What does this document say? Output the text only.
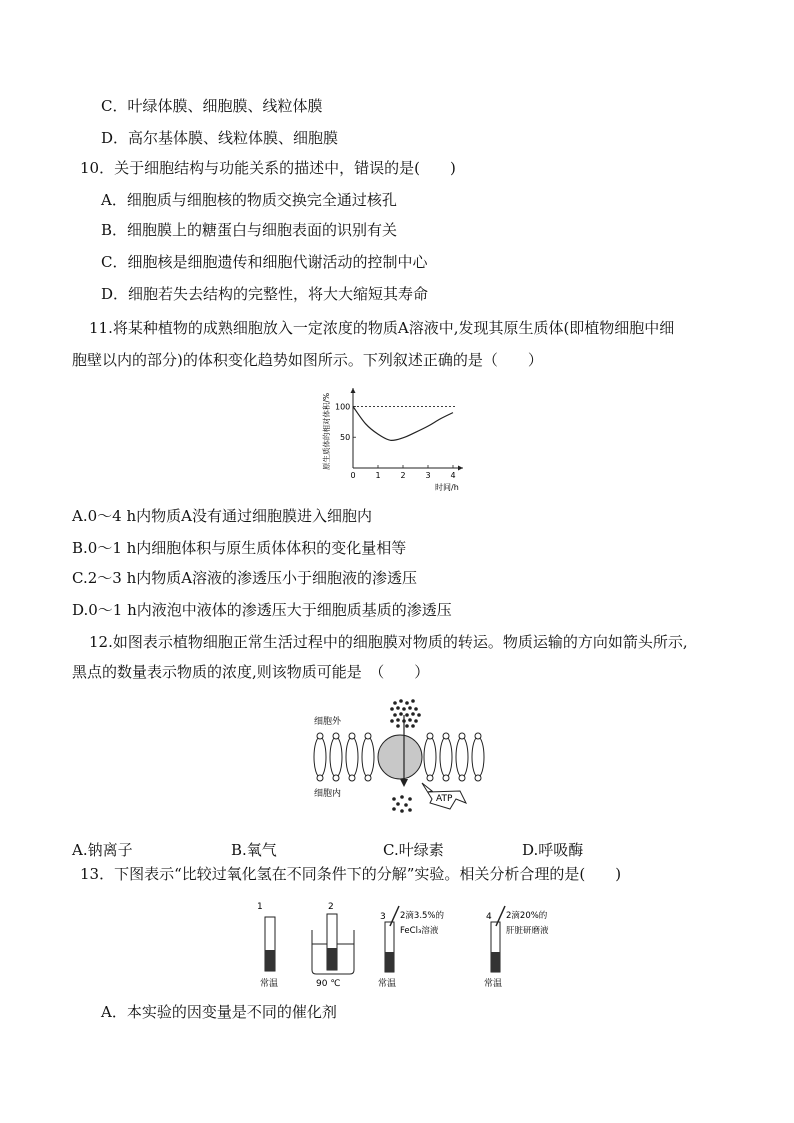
C．叶绿体膜、细胞膜、线粒体膜
D．高尔基体膜、线粒体膜、细胞膜
10．关于细胞结构与功能关系的描述中，错误的是(　　)
A．细胞质与细胞核的物质交换完全通过核孔
B．细胞膜上的糖蛋白与细胞表面的识别有关
C．细胞核是细胞遗传和细胞代谢活动的控制中心
D．细胞若失去结构的完整性，将大大缩短其寿命
11.将某种植物的成熟细胞放入一定浓度的物质A溶液中,发现其原生质体(即植物细胞中细
胞壁以内的部分)的体积变化趋势如图所示。下列叙述正确的是（　　）
0 1 2 3 4
50
100
时间/h
原生质体的相对体积/%
A.0～4 h内物质A没有通过细胞膜进入细胞内
B.0～1 h内细胞体积与原生质体体积的变化量相等
C.2～3 h内物质A溶液的渗透压小于细胞液的渗透压
D.0～1 h内液泡中液体的渗透压大于细胞质基质的渗透压
12.如图表示植物细胞正常生活过程中的细胞膜对物质的转运。物质运输的方向如箭头所示,
黑点的数量表示物质的浓度,则该物质可能是　（　　）
细胞外
细胞内	ATP
A.钠离子	B.氧气	C.叶绿素	D.呼吸酶
13．下图表示“比较过氧化氢在不同条件下的分解”实验。相关分析合理的是(　　)
1
常温
2
90 ℃
3 2滴3.5%的
FeCl₃溶液
常温
4 2滴20%的
肝脏研磨液
常温
A．本实验的因变量是不同的催化剂
